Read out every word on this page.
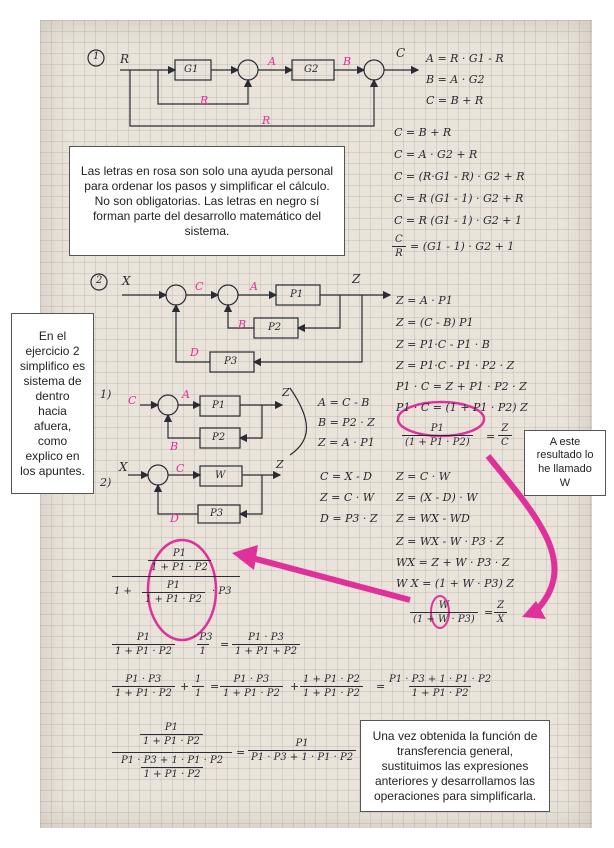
Las letras en rosa son solo una ayuda personal para ordenar los pasos y simplificar el cálculo. No son obligatorias. Las letras en negro sí forman parte del desarrollo matemático del sistema.
En el
ejercicio 2
simplifico es
sistema de
dentro
hacia
afuera,
como
explico en
los apuntes.
A este
resultado lo
he llamado
W
Una vez obtenida la función de transferencia general, sustituimos las expresiones anteriores y desarrollamos las operaciones para simplificarla.
1 R
G1	G2
A	B
R
R
C A = R · G1 - R
B = A · G2
C = B + R
C = B + R
C = A · G2 + R
C = (R·G1 - R) · G2 + R
C = R (G1 - 1) · G2 + R
C = R (G1 - 1) · G2 + 1
$\frac{C}{R} = (G1 - 1) \cdot G2 + 1$
2 X	C	A
B
D
P1
P2
P3
Z
Z = A · P1
Z = (C - B) P1
Z = P1·C - P1 · B
Z = P1·C - P1 · P2 · Z
P1 · C = Z + P1 · P2 · Z
P1 · C = (1 + P1 · P2) Z
$\frac{P1}{(1 + P1 \cdot P2)} = \frac{Z}{C}$
1) C	A
B
P1
P2
Z
A = C - B
B = P2 · Z
Z = A · P1
2)
X	C
D
W
P3
Z
C = X - D
Z = C · W
D = P3 · Z
Z = C · W
Z = (X - D) · W
Z = WX - WD
Z = WX - W · P3 · Z
WX = Z + W · P3 · Z
W X = (1 + W · P3) Z
$\frac{W}{(1 + W \cdot P3)} = \frac{Z}{X}$
$\frac{P1}{1 + P1 \cdot P2}$
$1 + \frac{P1}{1 + P1 \cdot P2} \cdot P3$
$\frac{P1}{1 + P1 \cdot P2} \frac{\cdot P3}{1} = \frac{P1 \cdot P3}{1 + P1 + P2}$
$\frac{P1 \cdot P3}{1 + P1 \cdot P2} + \frac{1}{1} = \frac{P1 \cdot P3}{1 + P1 \cdot P2} + \frac{1 + P1 \cdot P2}{1 + P1 \cdot P2} = \frac{P1 \cdot P3 + 1 \cdot P1 \cdot P2}{1 + P1 \cdot P2}$
$\frac{P1}{1 + P1 \cdot P2}$
$\frac{P1 \cdot P3 + 1 \cdot P1 \cdot P2}{1 + P1 \cdot P2}$
= $\frac{P1}{P1 \cdot P3 + 1 \cdot P1 \cdot P2}$
